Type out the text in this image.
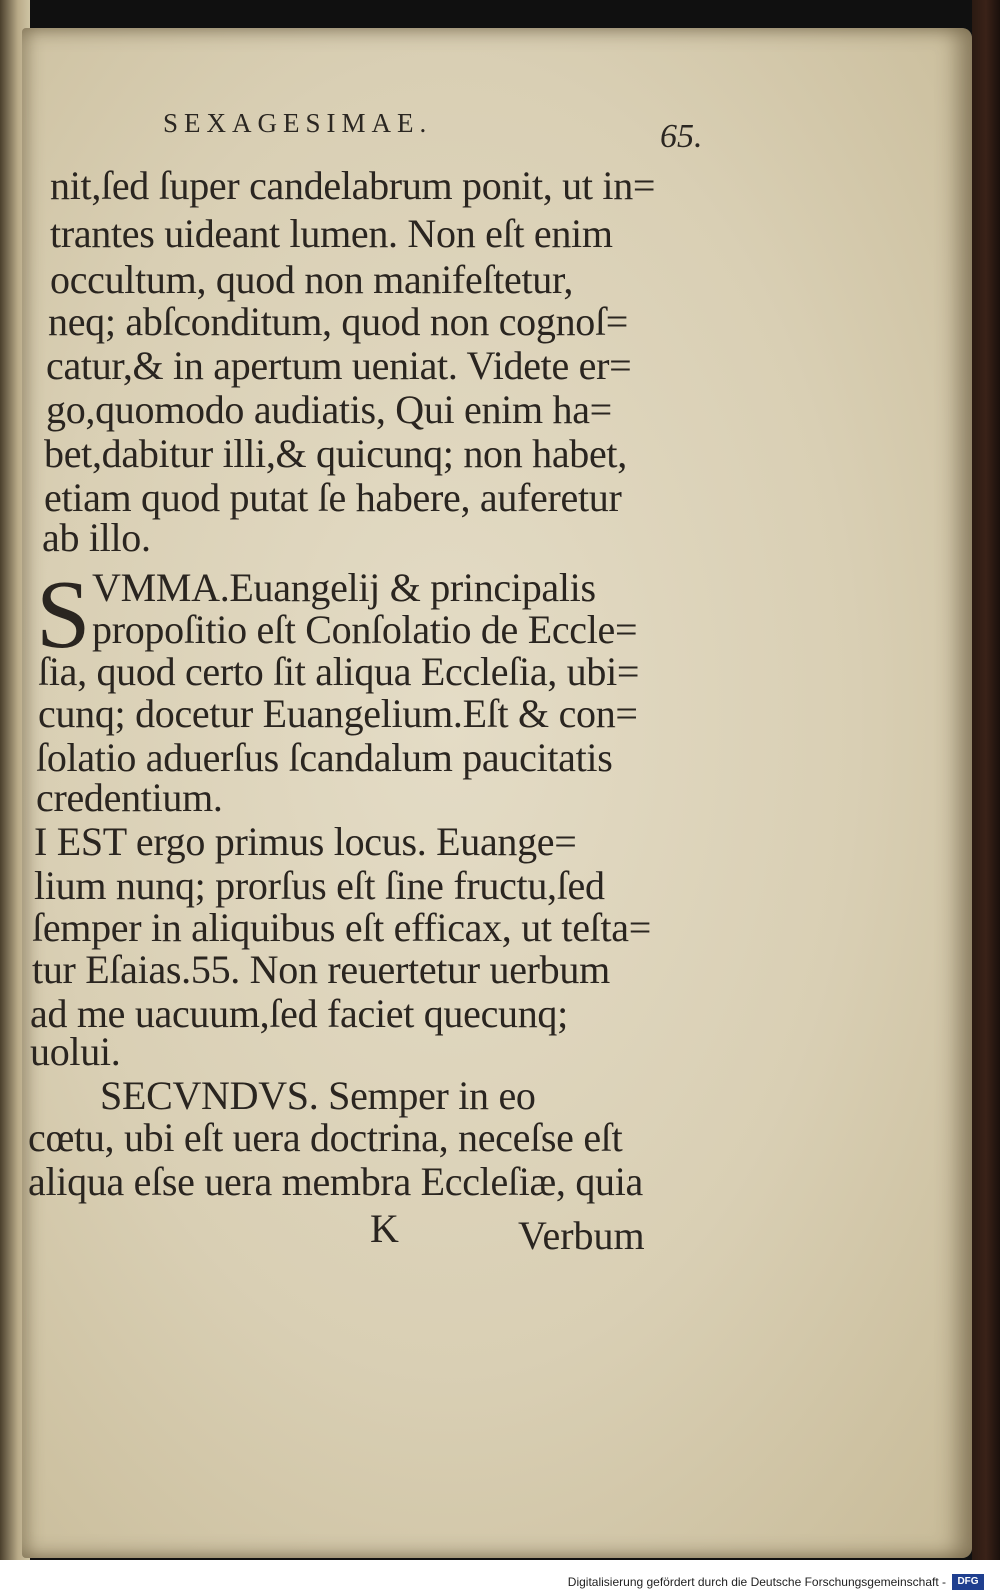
SEXAGESIMAE.	65.
nit,ſed ſuper candelabrum ponit, ut in=
trantes uideant lumen. Non eſt enim
occultum, quod non manifeſtetur,
neq; abſconditum, quod non cognoſ=
catur,& in apertum ueniat. Videte er=
go,quomodo audiatis, Qui enim ha=
bet,dabitur illi,& quicunq; non habet,
etiam quod putat ſe habere, auferetur
ab illo.
S VMMA.Euangelij & principalis
propoſitio eſt Conſolatio de Eccle=
ſia, quod certo ſit aliqua Eccleſia, ubi=
cunq; docetur Euangelium.Eſt & con=
ſolatio aduerſus ſcandalum paucitatis
credentium.
I EST ergo primus locus. Euange=
lium nunq; prorſus eſt ſine fructu,ſed
ſemper in aliquibus eſt efficax, ut teſta=
tur Eſaias.55. Non reuertetur uerbum
ad me uacuum,ſed faciet quecunq;
uolui.
SECVNDVS. Semper in eo
cœtu, ubi eſt uera doctrina, neceſse eſt
aliqua eſse uera membra Eccleſiæ, quia
K	Verbum
Digitalisierung gefördert durch die Deutsche Forschungsgemeinschaft -	DFG
